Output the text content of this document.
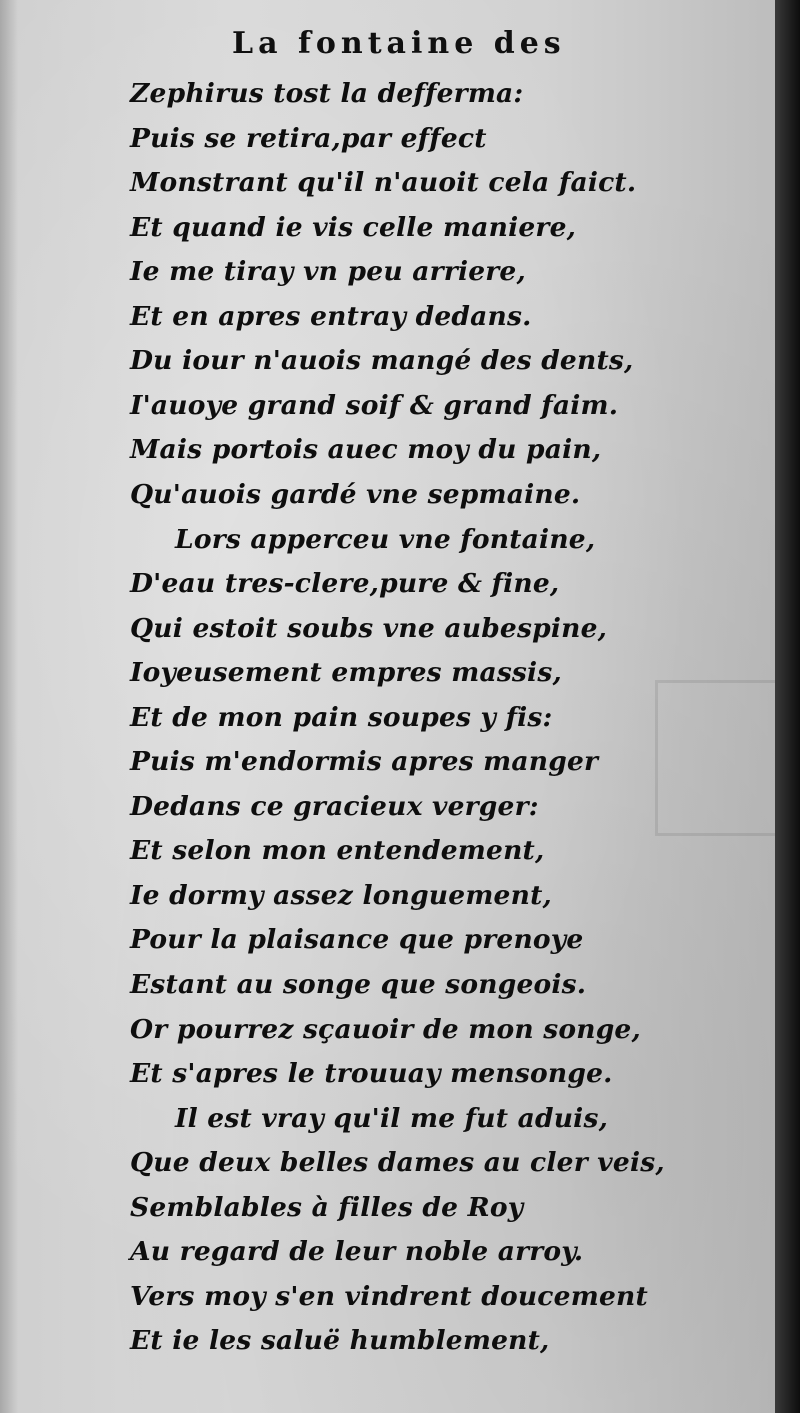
La fontaine des
Zephirus tost la defferma:
Puis se retira,par effect
Monstrant qu'il n'auoit cela faict.
Et quand ie vis celle maniere,
Ie me tiray vn peu arriere,
Et en apres entray dedans.
Du iour n'auois mangé des dents,
I'auoye grand soif & grand faim.
Mais portois auec moy du pain,
Qu'auois gardé vne sepmaine.
Lors apperceu vne fontaine,
D'eau tres-clere,pure & fine,
Qui estoit soubs vne aubespine,
Ioyeusement empres massis,
Et de mon pain soupes y fis:
Puis m'endormis apres manger
Dedans ce gracieux verger:
Et selon mon entendement,
Ie dormy assez longuement,
Pour la plaisance que prenoye
Estant au songe que songeois.
Or pourrez sçauoir de mon songe,
Et s'apres le trouuay mensonge.
Il est vray qu'il me fut aduis,
Que deux belles dames au cler veis,
Semblables à filles de Roy
Au regard de leur noble arroy.
Vers moy s'en vindrent doucement
Et ie les saluë humblement,
